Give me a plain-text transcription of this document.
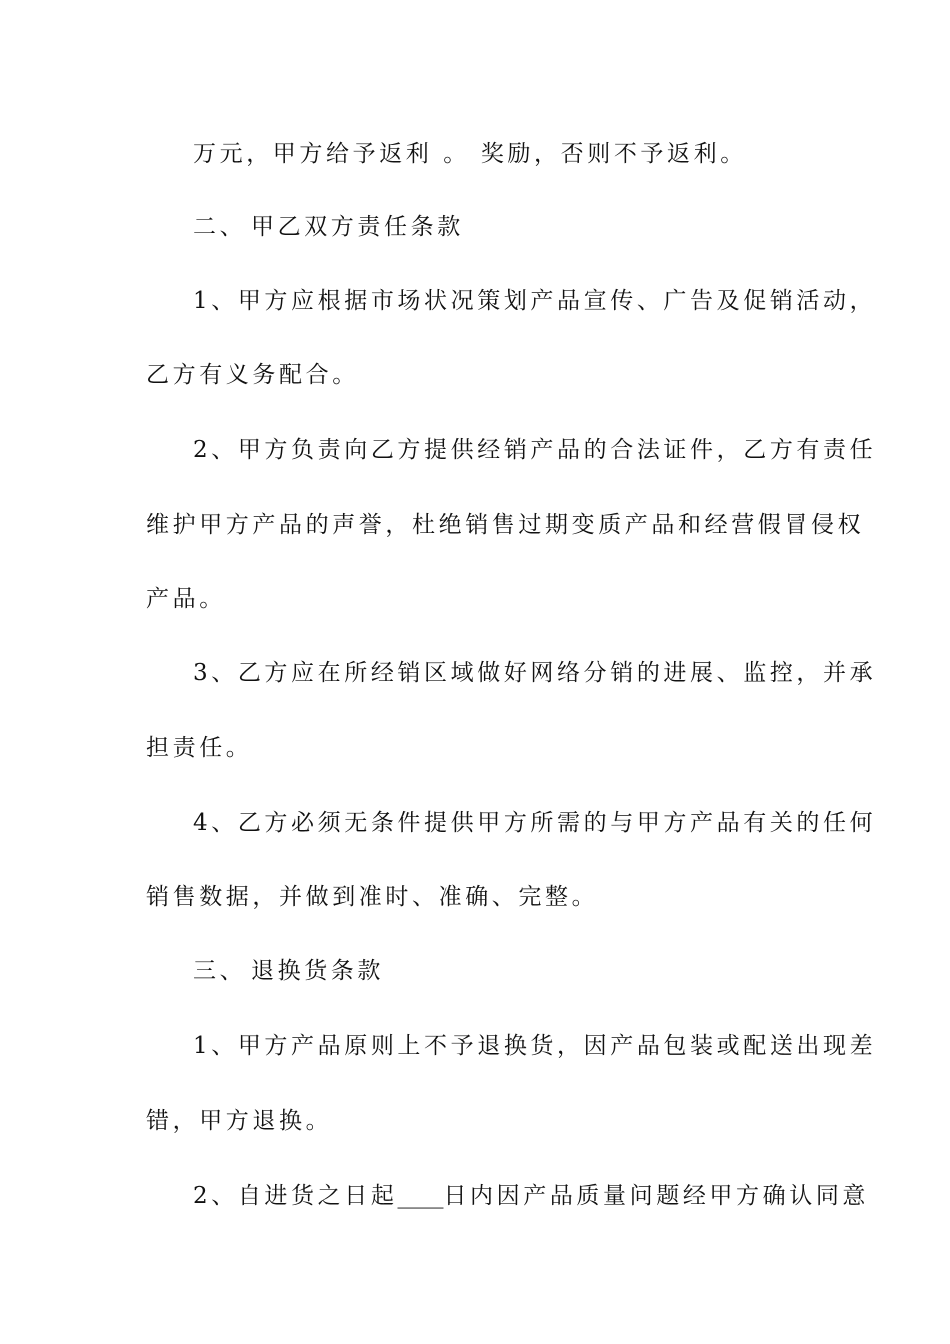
万元，甲方给予返利 。 奖励，否则不予返利。
二、 甲乙双方责任条款
1、甲方应根据市场状况策划产品宣传、广告及促销活动，
乙方有义务配合。
2、甲方负责向乙方提供经销产品的合法证件，乙方有责任
维护甲方产品的声誉，杜绝销售过期变质产品和经营假冒侵权
产品。
3、乙方应在所经销区域做好网络分销的进展、监控，并承
担责任。
4、乙方必须无条件提供甲方所需的与甲方产品有关的任何
销售数据，并做到准时、准确、完整。
三、 退换货条款
1、甲方产品原则上不予退换货，因产品包装或配送出现差
错，甲方退换。
2、自进货之日起____日内因产品质量问题经甲方确认同意
